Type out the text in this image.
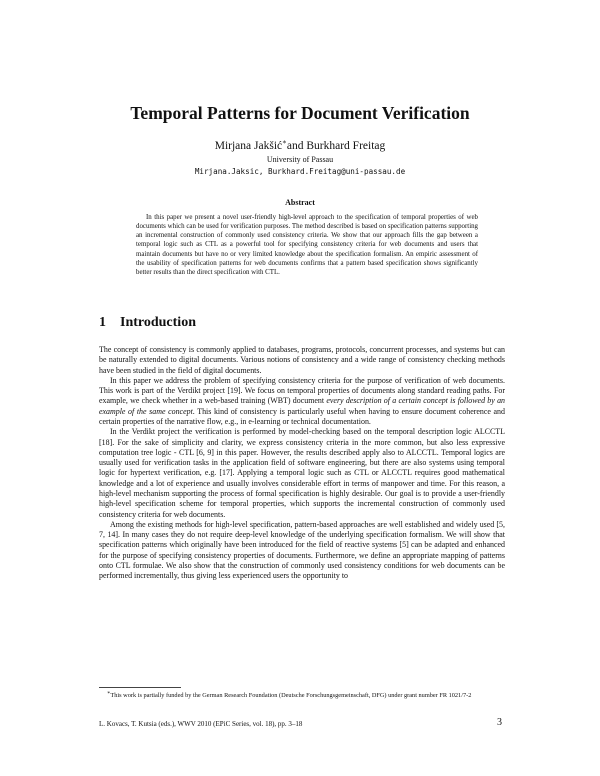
Temporal Patterns for Document Verification
Mirjana Jakšić∗and Burkhard Freitag
University of Passau
Mirjana.Jaksic, Burkhard.Freitag@uni-passau.de
Abstract

In this paper we present a novel user-friendly high-level approach to the specification of temporal properties of web documents which can be used for verification purposes. The method described is based on specification patterns supporting an incremental construction of commonly used consistency criteria. We show that our approach fills the gap between a temporal logic such as CTL as a powerful tool for specifying consistency criteria for web documents and users that maintain documents but have no or very limited knowledge about the specification formalism. An empiric assessment of the usability of specification patterns for web documents confirms that a pattern based specification shows significantly better results than the direct specification with CTL.

1 Introduction

The concept of consistency is commonly applied to databases, programs, protocols, concurrent processes, and systems but can be naturally extended to digital documents. Various notions of consistency and a wide range of consistency checking methods have been studied in the field of digital documents.

In this paper we address the problem of specifying consistency criteria for the purpose of verification of web documents. This work is part of the Verdikt project [19]. We focus on temporal properties of documents along standard reading paths. For example, we check whether in a web-based training (WBT) document every description of a certain concept is followed by an example of the same concept. This kind of consistency is particularly useful when having to ensure document coherence and certain properties of the narrative flow, e.g., in e-learning or technical documentation.

In the Verdikt project the verification is performed by model-checking based on the temporal description logic ALCCTL [18]. For the sake of simplicity and clarity, we express consistency criteria in the more common, but also less expressive computation tree logic - CTL [6, 9] in this paper. However, the results described apply also to ALCCTL. Temporal logics are usually used for verification tasks in the application field of software engineering, but there are also systems using temporal logic for hypertext verification, e.g. [17]. Applying a temporal logic such as CTL or ALCCTL requires good mathematical knowledge and a lot of experience and usually involves considerable effort in terms of manpower and time. For this reason, a high-level mechanism supporting the process of formal specification is highly desirable. Our goal is to provide a user-friendly high-level specification scheme for temporal properties, which supports the incremental construction of commonly used consistency criteria for web documents.

Among the existing methods for high-level specification, pattern-based approaches are well established and widely used [5, 7, 14]. In many cases they do not require deep-level knowledge of the underlying specification formalism. We will show that specification patterns which originally have been introduced for the field of reactive systems [5] can be adapted and enhanced for the purpose of specifying consistency properties of documents. Furthermore, we define an appropriate mapping of patterns onto CTL formulae. We also show that the construction of commonly used consistency conditions for web documents can be performed incrementally, thus giving less experienced users the opportunity to

∗This work is partially funded by the German Research Foundation (Deutsche Forschungsgemeinschaft, DFG) under grant number FR 1021/7-2
L. Kovacs, T. Kutsia (eds.), WWV 2010 (EPiC Series, vol. 18), pp. 3–18	3
